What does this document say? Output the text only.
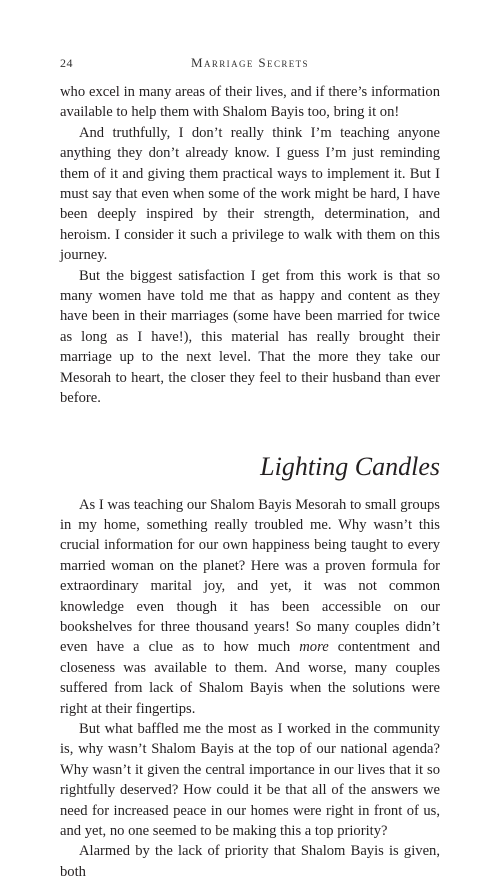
24	Marriage Secrets

who excel in many areas of their lives, and if there’s information available to help them with Shalom Bayis too, bring it on!

And truthfully, I don’t really think I’m teaching anyone anything they don’t already know. I guess I’m just reminding them of it and giving them practical ways to implement it. But I must say that even when some of the work might be hard, I have been deeply inspired by their strength, determination, and heroism. I consider it such a privilege to walk with them on this journey.

But the biggest satisfaction I get from this work is that so many women have told me that as happy and content as they have been in their marriages (some have been married for twice as long as I have!), this material has really brought their marriage up to the next level. That the more they take our Mesorah to heart, the closer they feel to their husband than ever before.

Lighting Candles

As I was teaching our Shalom Bayis Mesorah to small groups in my home, something really troubled me. Why wasn’t this crucial information for our own happiness being taught to every married woman on the planet? Here was a proven formula for extraordinary marital joy, and yet, it was not common knowledge even though it has been accessible on our bookshelves for three thousand years! So many couples didn’t even have a clue as to how much more contentment and closeness was available to them. And worse, many couples suffered from lack of Shalom Bayis when the solutions were right at their fingertips.

But what baffled me the most as I worked in the community is, why wasn’t Shalom Bayis at the top of our national agenda? Why wasn’t it given the central importance in our lives that it so rightfully deserved? How could it be that all of the answers we need for increased peace in our homes were right in front of us, and yet, no one seemed to be making this a top priority?

Alarmed by the lack of priority that Shalom Bayis is given, both
